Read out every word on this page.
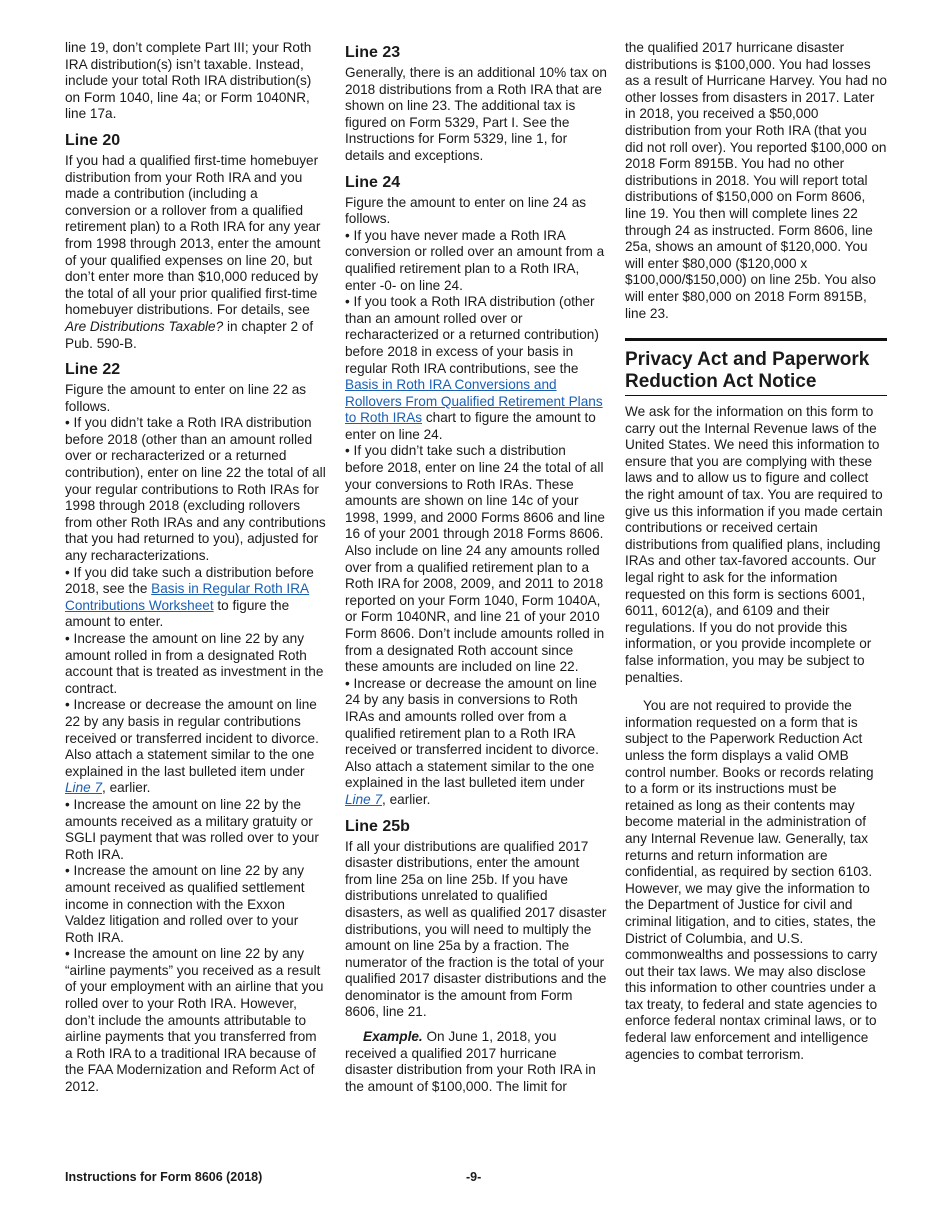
line 19, don’t complete Part III; your Roth IRA distribution(s) isn’t taxable. Instead, include your total Roth IRA distribution(s) on Form 1040, line 4a; or Form 1040NR, line 17a.

Line 20

If you had a qualified first-time homebuyer distribution from your Roth IRA and you made a contribution (including a conversion or a rollover from a qualified retirement plan) to a Roth IRA for any year from 1998 through 2013, enter the amount of your qualified expenses on line 20, but don’t enter more than $10,000 reduced by the total of all your prior qualified first-time homebuyer distributions. For details, see Are Distributions Taxable? in chapter 2 of Pub. 590-B.

Line 22

Figure the amount to enter on line 22 as follows.

• If you didn’t take a Roth IRA distribution before 2018 (other than an amount rolled over or recharacterized or a returned contribution), enter on line 22 the total of all your regular contributions to Roth IRAs for 1998 through 2018 (excluding rollovers from other Roth IRAs and any contributions that you had returned to you), adjusted for any recharacterizations.

• If you did take such a distribution before 2018, see the Basis in Regular Roth IRA Contributions Worksheet to figure the amount to enter.

• Increase the amount on line 22 by any amount rolled in from a designated Roth account that is treated as investment in the contract.

• Increase or decrease the amount on line 22 by any basis in regular contributions received or transferred incident to divorce. Also attach a statement similar to the one explained in the last bulleted item under Line 7, earlier.

• Increase the amount on line 22 by the amounts received as a military gratuity or SGLI payment that was rolled over to your Roth IRA.

• Increase the amount on line 22 by any amount received as qualified settlement income in connection with the Exxon Valdez litigation and rolled over to your Roth IRA.

• Increase the amount on line 22 by any “airline payments” you received as a result of your employment with an airline that you rolled over to your Roth IRA. However, don’t include the amounts attributable to airline payments that you transferred from a Roth IRA to a traditional IRA because of the FAA Modernization and Reform Act of 2012.

Line 23

Generally, there is an additional 10% tax on 2018 distributions from a Roth IRA that are shown on line 23. The additional tax is figured on Form 5329, Part I. See the Instructions for Form 5329, line 1, for details and exceptions.

Line 24

Figure the amount to enter on line 24 as follows.

• If you have never made a Roth IRA conversion or rolled over an amount from a qualified retirement plan to a Roth IRA, enter -0- on line 24.

• If you took a Roth IRA distribution (other than an amount rolled over or recharacterized or a returned contribution) before 2018 in excess of your basis in regular Roth IRA contributions, see the Basis in Roth IRA Conversions and Rollovers From Qualified Retirement Plans to Roth IRAs chart to figure the amount to enter on line 24.

• If you didn’t take such a distribution before 2018, enter on line 24 the total of all your conversions to Roth IRAs. These amounts are shown on line 14c of your 1998, 1999, and 2000 Forms 8606 and line 16 of your 2001 through 2018 Forms 8606. Also include on line 24 any amounts rolled over from a qualified retirement plan to a Roth IRA for 2008, 2009, and 2011 to 2018 reported on your Form 1040, Form 1040A, or Form 1040NR, and line 21 of your 2010 Form 8606. Don’t include amounts rolled in from a designated Roth account since these amounts are included on line 22.

• Increase or decrease the amount on line 24 by any basis in conversions to Roth IRAs and amounts rolled over from a qualified retirement plan to a Roth IRA received or transferred incident to divorce. Also attach a statement similar to the one explained in the last bulleted item under Line 7, earlier.

Line 25b

If all your distributions are qualified 2017 disaster distributions, enter the amount from line 25a on line 25b. If you have distributions unrelated to qualified disasters, as well as qualified 2017 disaster distributions, you will need to multiply the amount on line 25a by a fraction. The numerator of the fraction is the total of your qualified 2017 disaster distributions and the denominator is the amount from Form 8606, line 21.

Example. On June 1, 2018, you received a qualified 2017 hurricane disaster distribution from your Roth IRA in the amount of $100,000. The limit for

the qualified 2017 hurricane disaster distributions is $100,000. You had losses as a result of Hurricane Harvey. You had no other losses from disasters in 2017. Later in 2018, you received a $50,000 distribution from your Roth IRA (that you did not roll over). You reported $100,000 on 2018 Form 8915B. You had no other distributions in 2018. You will report total distributions of $150,000 on Form 8606, line 19. You then will complete lines 22 through 24 as instructed. Form 8606, line 25a, shows an amount of $120,000. You will enter $80,000 ($120,000 x $100,000/$150,000) on line 25b. You also will enter $80,000 on 2018 Form 8915B, line 23.

Privacy Act and Paperwork Reduction Act Notice

We ask for the information on this form to carry out the Internal Revenue laws of the United States. We need this information to ensure that you are complying with these laws and to allow us to figure and collect the right amount of tax. You are required to give us this information if you made certain contributions or received certain distributions from qualified plans, including IRAs and other tax-favored accounts. Our legal right to ask for the information requested on this form is sections 6001, 6011, 6012(a), and 6109 and their regulations. If you do not provide this information, or you provide incomplete or false information, you may be subject to penalties.

You are not required to provide the information requested on a form that is subject to the Paperwork Reduction Act unless the form displays a valid OMB control number. Books or records relating to a form or its instructions must be retained as long as their contents may become material in the administration of any Internal Revenue law. Generally, tax returns and return information are confidential, as required by section 6103. However, we may give the information to the Department of Justice for civil and criminal litigation, and to cities, states, the District of Columbia, and U.S. commonwealths and possessions to carry out their tax laws. We may also disclose this information to other countries under a tax treaty, to federal and state agencies to enforce federal nontax criminal laws, or to federal law enforcement and intelligence agencies to combat terrorism.

Instructions for Form 8606 (2018)	-9-
